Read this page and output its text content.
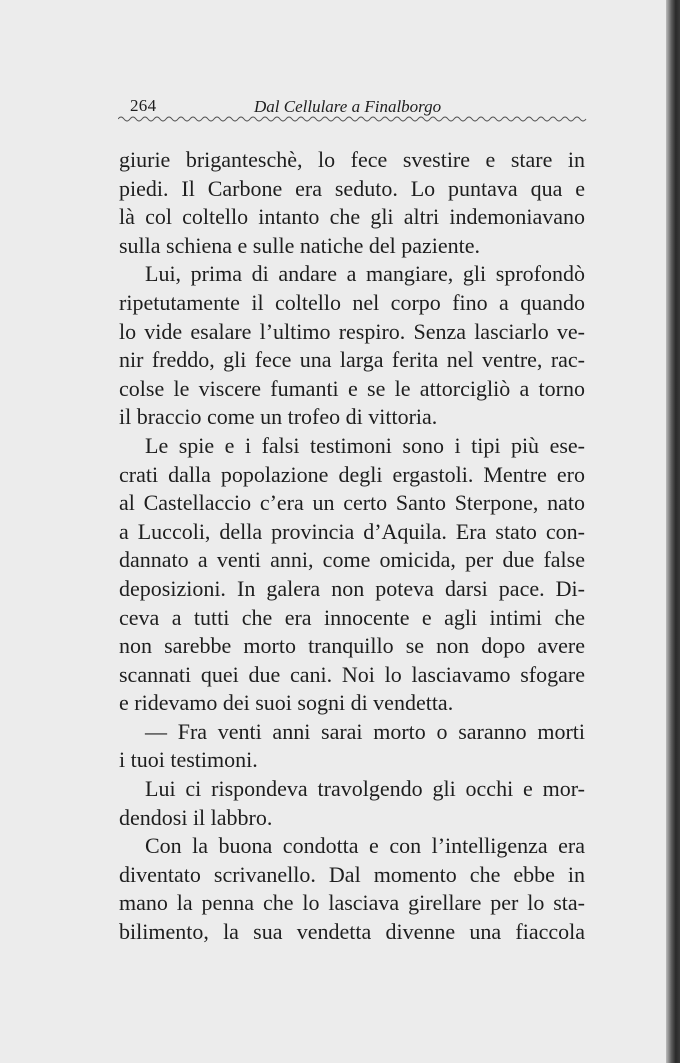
264	Dal Cellulare a Finalborgo
giurie briganteschè, lo fece svestire e stare in
piedi. Il Carbone era seduto. Lo puntava qua e
là col coltello intanto che gli altri indemoniavano
sulla schiena e sulle natiche del paziente.
Lui, prima di andare a mangiare, gli sprofondò
ripetutamente il coltello nel corpo fino a quando
lo vide esalare l’ultimo respiro. Senza lasciarlo ve-
nir freddo, gli fece una larga ferita nel ventre, rac-
colse le viscere fumanti e se le attorcigliò a torno
il braccio come un trofeo di vittoria.
Le spie e i falsi testimoni sono i tipi più ese-
crati dalla popolazione degli ergastoli. Mentre ero
al Castellaccio c’era un certo Santo Sterpone, nato
a Luccoli, della provincia d’Aquila. Era stato con-
dannato a venti anni, come omicida, per due false
deposizioni. In galera non poteva darsi pace. Di-
ceva a tutti che era innocente e agli intimi che
non sarebbe morto tranquillo se non dopo avere
scannati quei due cani. Noi lo lasciavamo sfogare
e ridevamo dei suoi sogni di vendetta.
— Fra venti anni sarai morto o saranno morti
i tuoi testimoni.
Lui ci rispondeva travolgendo gli occhi e mor-
dendosi il labbro.
Con la buona condotta e con l’intelligenza era
diventato scrivanello. Dal momento che ebbe in
mano la penna che lo lasciava girellare per lo sta-
bilimento, la sua vendetta divenne una fiaccola
